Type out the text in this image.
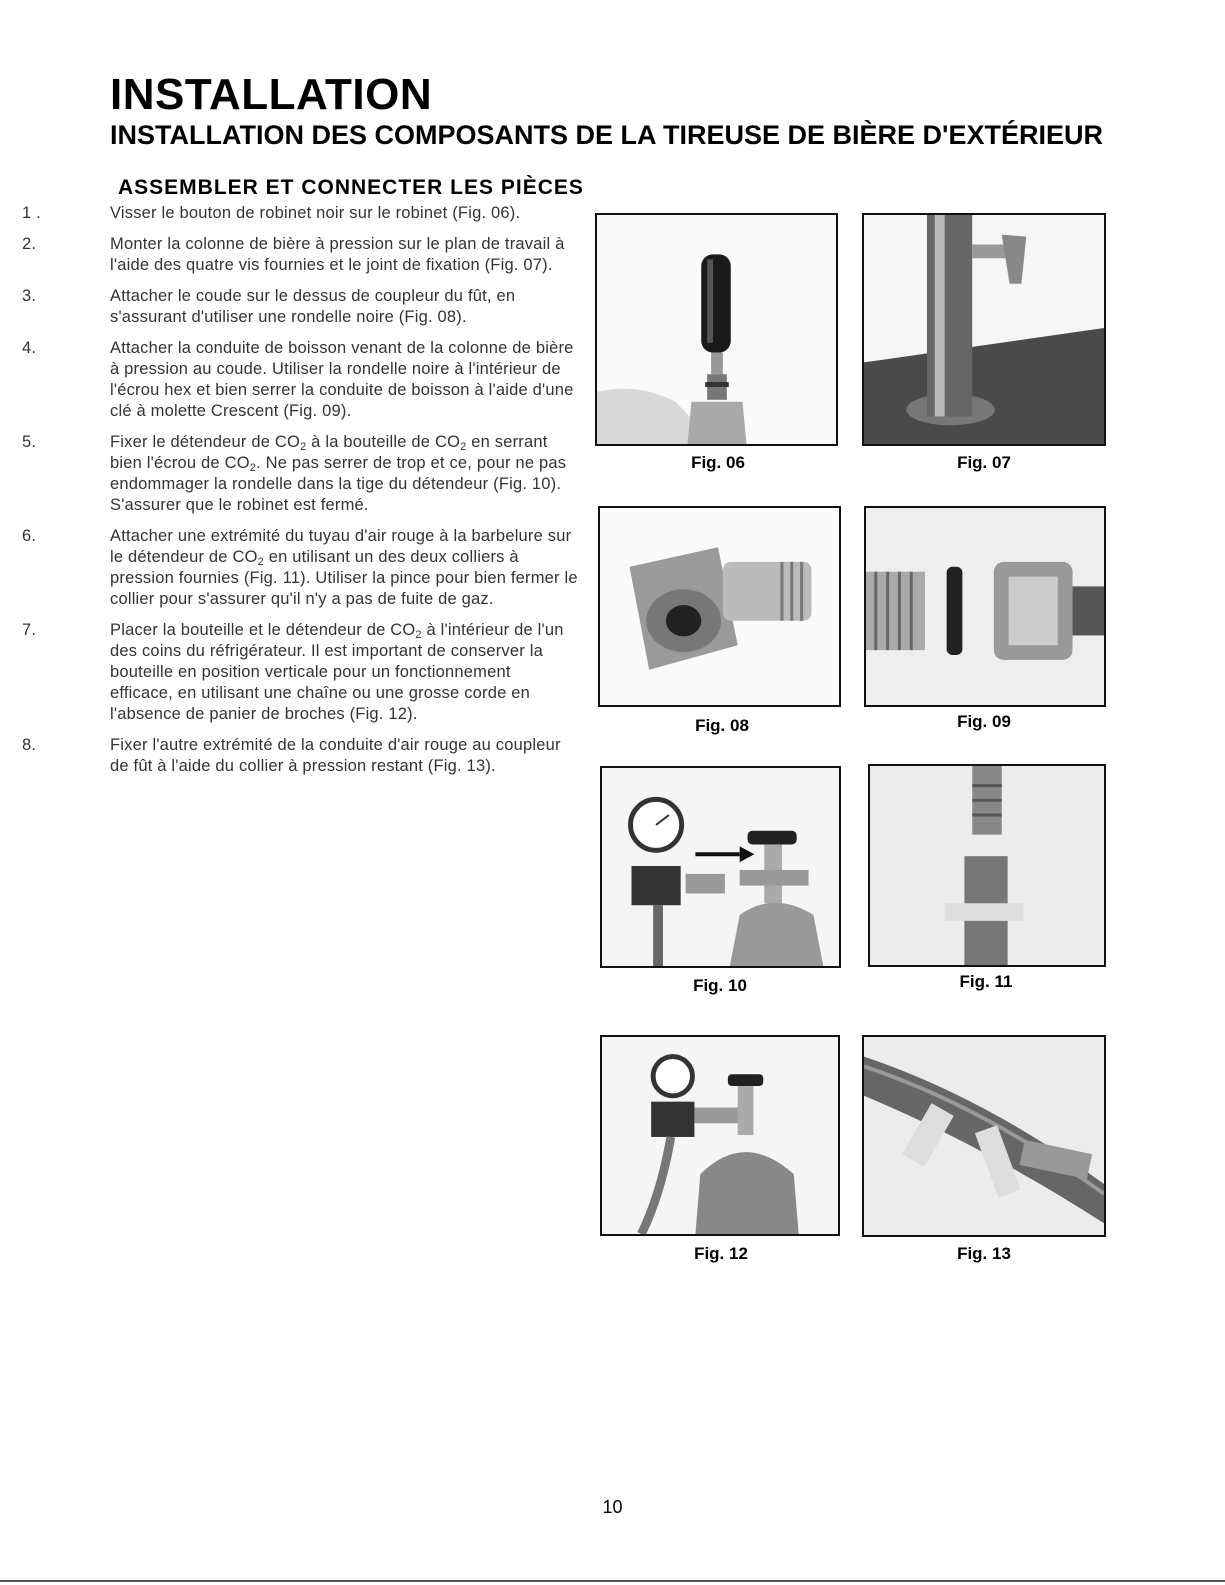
INSTALLATION
INSTALLATION DES COMPOSANTS DE LA TIREUSE DE BIÈRE D'EXTÉRIEUR
ASSEMBLER ET CONNECTER LES PIÈCES
1 .	Visser le bouton de robinet noir sur le robinet (Fig. 06).
2.	Monter la colonne de bière à pression sur le plan de travail à l'aide des quatre vis fournies et le joint de fixation (Fig. 07).
3.	Attacher le coude sur le dessus de coupleur du fût, en s'assurant d'utiliser une rondelle noire (Fig. 08).
4.	Attacher la conduite de boisson venant de la colonne de bière à pression au coude. Utiliser la rondelle noire à l'intérieur de l'écrou hex et bien serrer la conduite de boisson à l'aide d'une clé à molette Crescent (Fig. 09).
5.	Fixer le détendeur de $CO_2$ à la bouteille de $CO_2$ en serrant bien l'écrou de $CO_2$. Ne pas serrer de trop et ce, pour ne pas endommager la rondelle dans la tige du détendeur (Fig. 10). S'assurer que le robinet est fermé.
6.	Attacher une extrémité du tuyau d'air rouge à la barbelure sur le détendeur de $CO_2$ en utilisant un des deux colliers à pression fournies (Fig. 11). Utiliser la pince pour bien fermer le collier pour s'assurer qu'il n'y a pas de fuite de gaz.
7.	Placer la bouteille et le détendeur de $CO_2$ à l'intérieur de l'un des coins du réfrigérateur. Il est important de conserver la bouteille en position verticale pour un fonctionnement efficace, en utilisant une chaîne ou une grosse corde en l'absence de panier de broches (Fig. 12).
8.	Fixer l'autre extrémité de la conduite d'air rouge au coupleur de fût à l'aide du collier à pression restant (Fig. 13).
Fig. 06	Fig. 07
Fig. 08	Fig. 09
Fig. 10	Fig. 11
Fig. 12	Fig. 13
10
